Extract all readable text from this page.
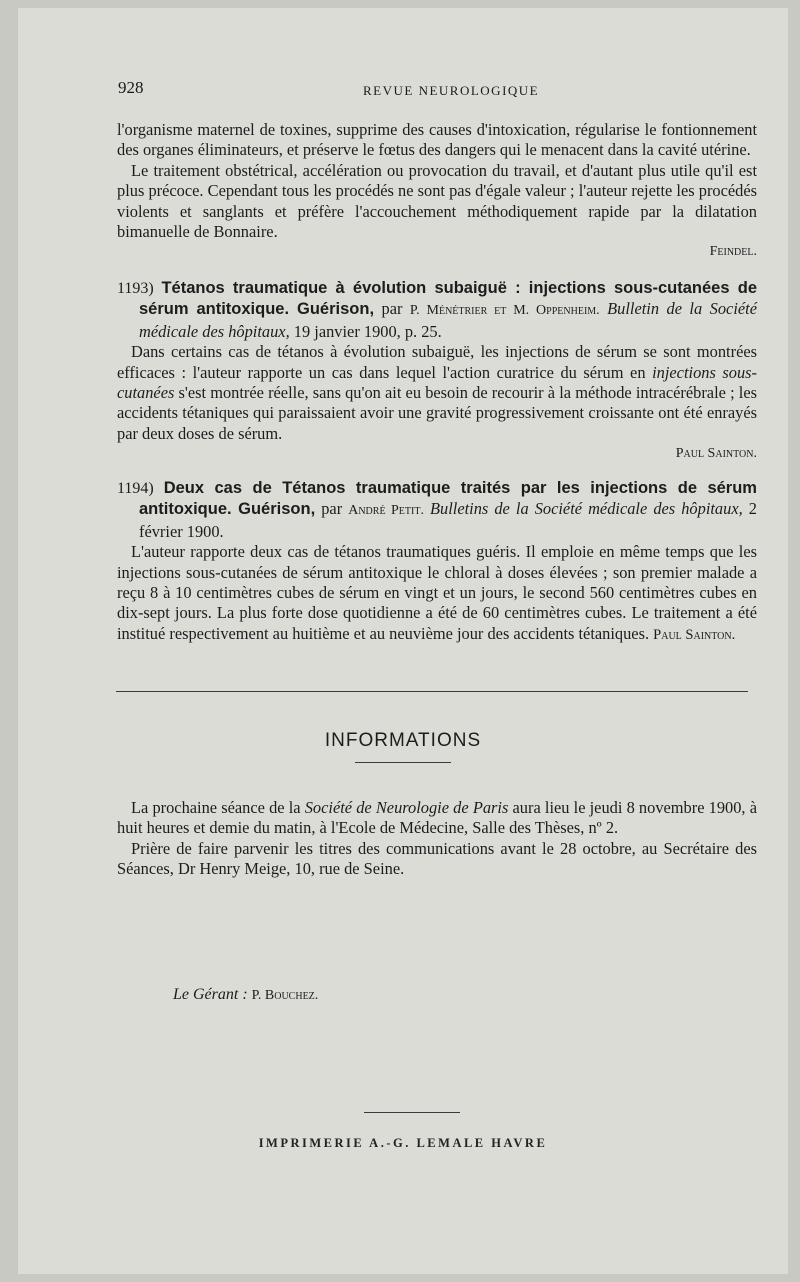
928	REVUE NEUROLOGIQUE

l'organisme maternel de toxines, supprime des causes d'intoxication, régularise le fontionnement des organes éliminateurs, et préserve le fœtus des dangers qui le menacent dans la cavité utérine.

Le traitement obstétrical, accélération ou provocation du travail, et d'autant plus utile qu'il est plus précoce. Cependant tous les procédés ne sont pas d'égale valeur ; l'auteur rejette les procédés violents et sanglants et préfère l'accouchement méthodiquement rapide par la dilatation bimanuelle de Bonnaire.
Feindel.

1193) Tétanos traumatique à évolution subaiguë : injections sous-cutanées de sérum antitoxique. Guérison, par P. Ménétrier et M. Oppenheim. Bulletin de la Société médicale des hôpitaux, 19 janvier 1900, p. 25.

Dans certains cas de tétanos à évolution subaiguë, les injections de sérum se sont montrées efficaces : l'auteur rapporte un cas dans lequel l'action curatrice du sérum en injections sous-cutanées s'est montrée réelle, sans qu'on ait eu besoin de recourir à la méthode intracérébrale ; les accidents tétaniques qui paraissaient avoir une gravité progressivement croissante ont été enrayés par deux doses de sérum.
Paul Sainton.

1194) Deux cas de Tétanos traumatique traités par les injections de sérum antitoxique. Guérison, par André Petit. Bulletins de la Société médicale des hôpitaux, 2 février 1900.

L'auteur rapporte deux cas de tétanos traumatiques guéris. Il emploie en même temps que les injections sous-cutanées de sérum antitoxique le chloral à doses élevées ; son premier malade a reçu 8 à 10 centimètres cubes de sérum en vingt et un jours, le second 560 centimètres cubes en dix-sept jours. La plus forte dose quotidienne a été de 60 centimètres cubes. Le traitement a été institué respectivement au huitième et au neuvième jour des accidents tétaniques. Paul Sainton.

INFORMATIONS

La prochaine séance de la Société de Neurologie de Paris aura lieu le jeudi 8 novembre 1900, à huit heures et demie du matin, à l'Ecole de Médecine, Salle des Thèses, nº 2.

Prière de faire parvenir les titres des communications avant le 28 octobre, au Secrétaire des Séances, Dr Henry Meige, 10, rue de Seine.

Le Gérant : P. Bouchez.
IMPRIMERIE A.-G. LEMALE HAVRE
